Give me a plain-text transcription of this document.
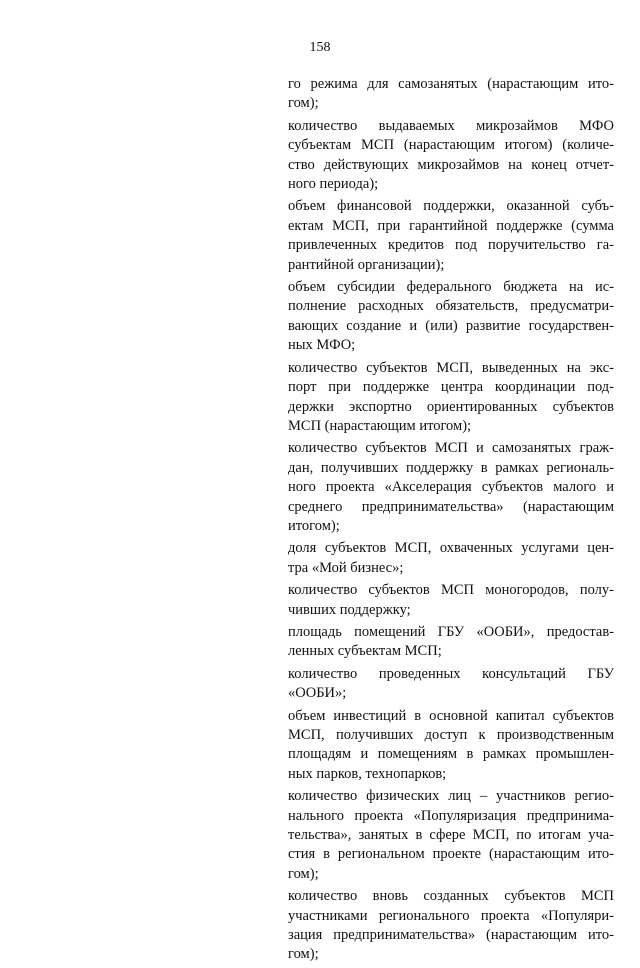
158

го режима для самозанятых (нарастающим ито-
гом);

количество выдаваемых микрозаймов МФО
субъектам МСП (нарастающим итогом) (количе-
ство действующих микрозаймов на конец отчет-
ного периода);

объем финансовой поддержки, оказанной субъ-
ектам МСП, при гарантийной поддержке (сумма
привлеченных кредитов под поручительство га-
рантийной организации);

объем субсидии федерального бюджета на ис-
полнение расходных обязательств, предусматри-
вающих создание и (или) развитие государствен-
ных МФО;

количество субъектов МСП, выведенных на экс-
порт при поддержке центра координации под-
держки экспортно ориентированных субъектов
МСП (нарастающим итогом);

количество субъектов МСП и самозанятых граж-
дан, получивших поддержку в рамках региональ-
ного проекта «Акселерация субъектов малого и
среднего предпринимательства» (нарастающим
итогом);

доля субъектов МСП, охваченных услугами цен-
тра «Мой бизнес»;

количество субъектов МСП моногородов, полу-
чивших поддержку;

площадь помещений ГБУ «ООБИ», предостав-
ленных субъектам МСП;

количество проведенных консультаций ГБУ
«ООБИ»;

объем инвестиций в основной капитал субъектов
МСП, получивших доступ к производственным
площадям и помещениям в рамках промышлен-
ных парков, технопарков;

количество физических лиц – участников регио-
нального проекта «Популяризация предпринима-
тельства», занятых в сфере МСП, по итогам уча-
стия в региональном проекте (нарастающим ито-
гом);

количество вновь созданных субъектов МСП
участниками регионального проекта «Популяри-
зация предпринимательства» (нарастающим ито-
гом);
